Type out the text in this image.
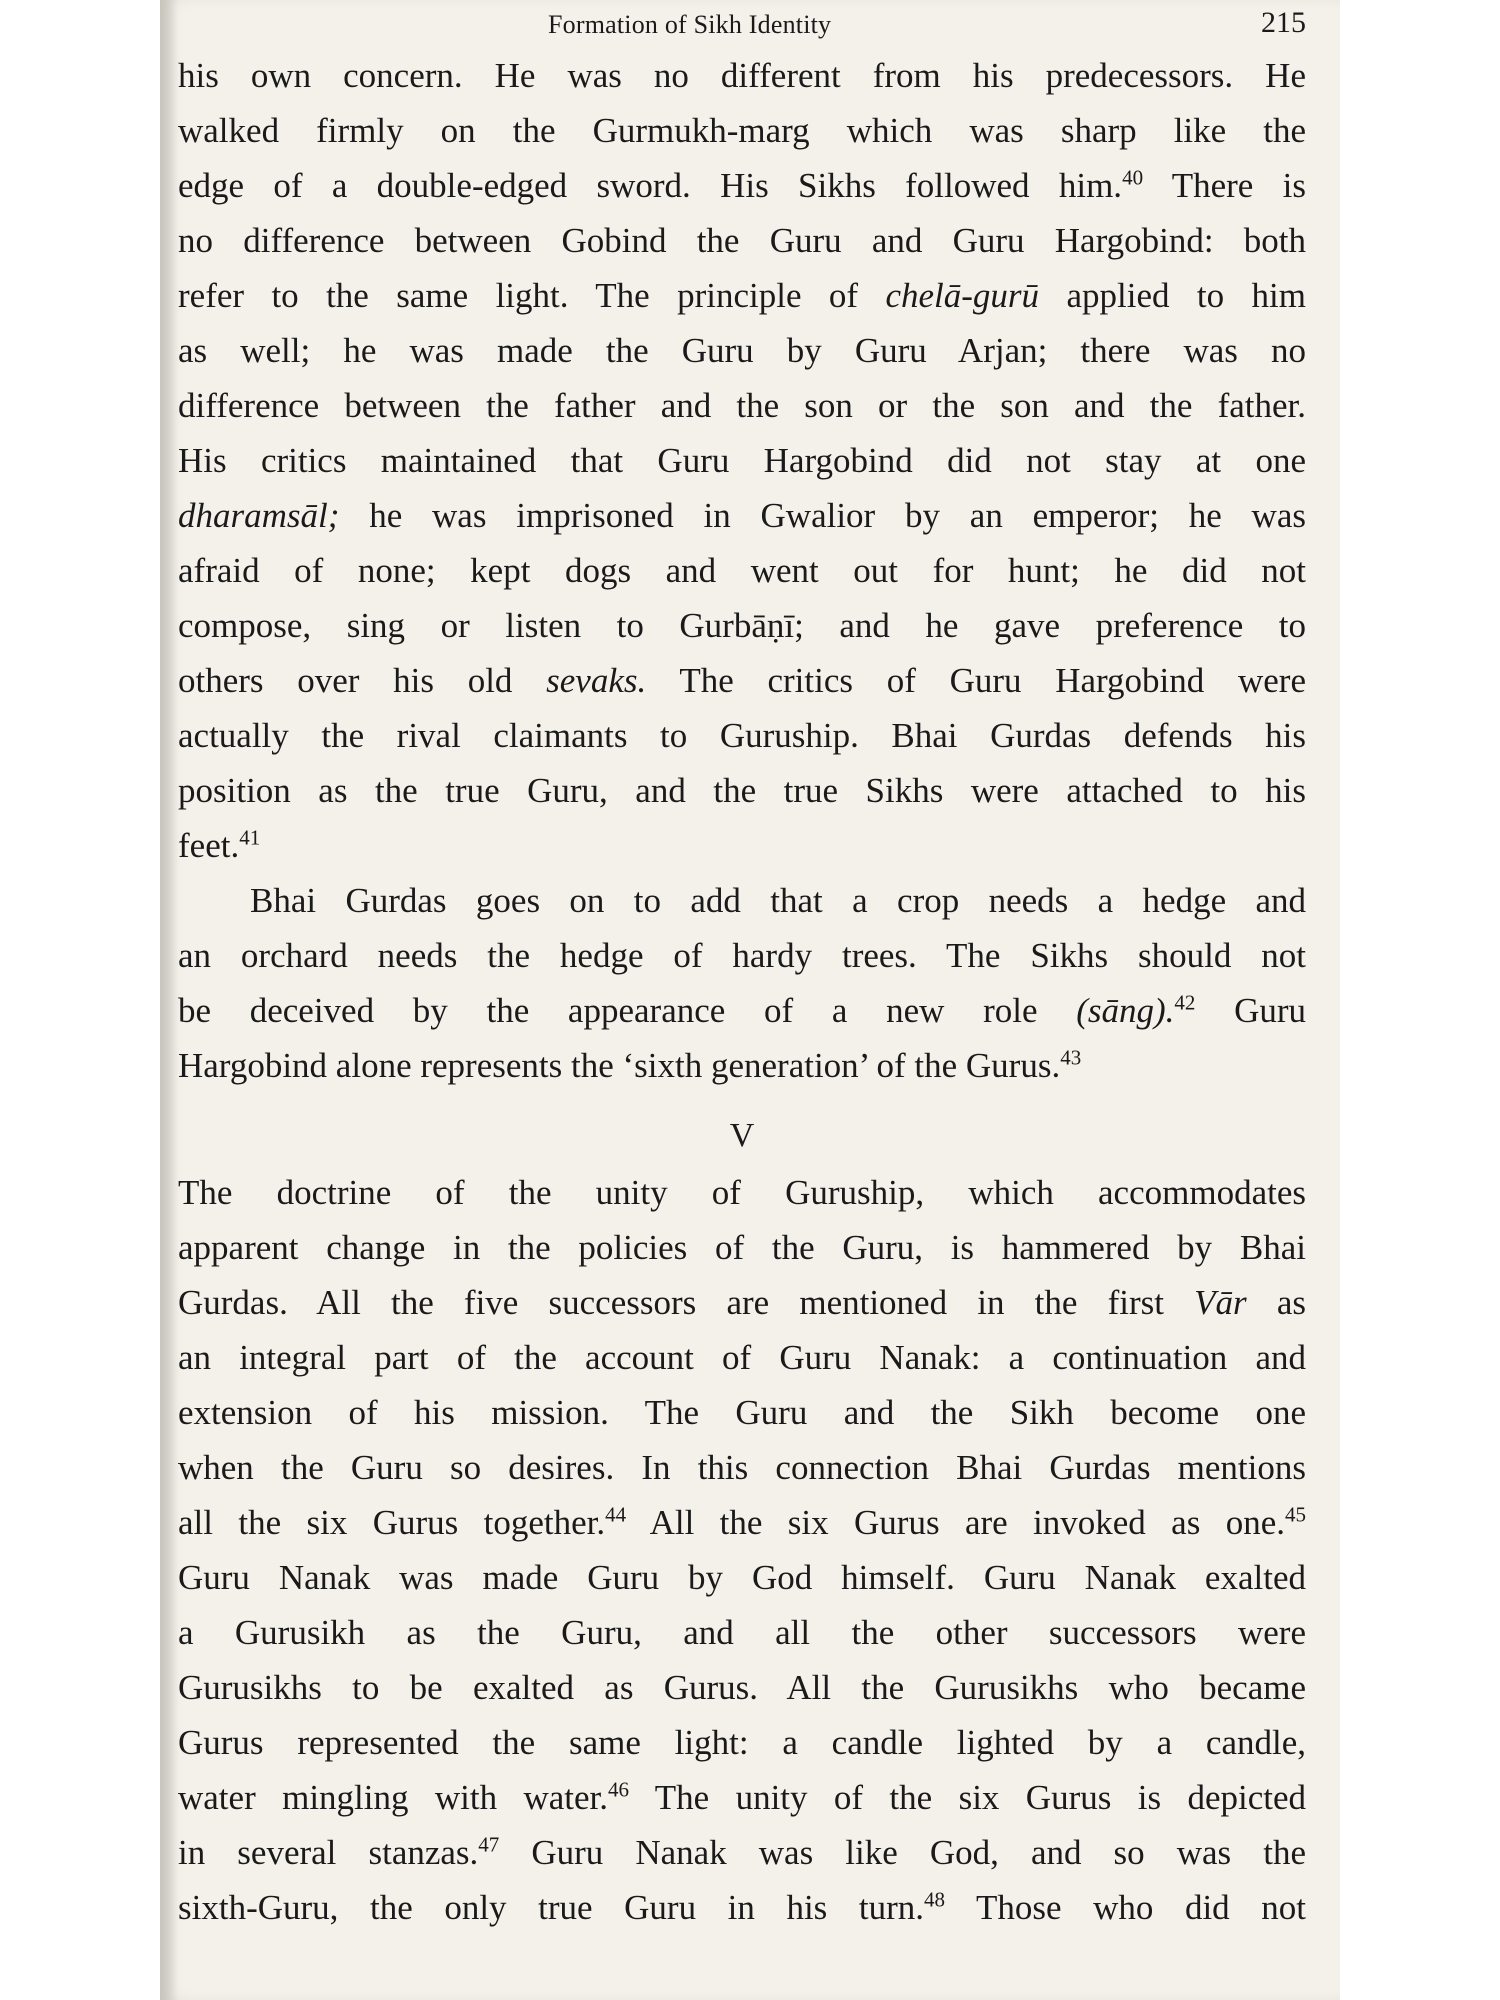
Formation of Sikh Identity	215

his own concern. He was no different from his predecessors. He
walked firmly on the Gurmukh-marg which was sharp like the
edge of a double-edged sword. His Sikhs followed him.$^{40}$ There is
no difference between Gobind the Guru and Guru Hargobind: both
refer to the same light. The principle of chelā-gurū applied to him
as well; he was made the Guru by Guru Arjan; there was no
difference between the father and the son or the son and the father.
His critics maintained that Guru Hargobind did not stay at one
dharamsāl; he was imprisoned in Gwalior by an emperor; he was
afraid of none; kept dogs and went out for hunt; he did not
compose, sing or listen to Gurbāṇī; and he gave preference to
others over his old sevaks. The critics of Guru Hargobind were
actually the rival claimants to Guruship. Bhai Gurdas defends his
position as the true Guru, and the true Sikhs were attached to his
feet.$^{41}$

Bhai Gurdas goes on to add that a crop needs a hedge and
an orchard needs the hedge of hardy trees. The Sikhs should not
be deceived by the appearance of a new role (sāng).$^{42}$ Guru
Hargobind alone represents the ‘sixth generation’ of the Gurus.$^{43}$

V

The doctrine of the unity of Guruship, which accommodates
apparent change in the policies of the Guru, is hammered by Bhai
Gurdas. All the five successors are mentioned in the first Vār as
an integral part of the account of Guru Nanak: a continuation and
extension of his mission. The Guru and the Sikh become one
when the Guru so desires. In this connection Bhai Gurdas mentions
all the six Gurus together.$^{44}$ All the six Gurus are invoked as one.$^{45}$
Guru Nanak was made Guru by God himself. Guru Nanak exalted
a Gurusikh as the Guru, and all the other successors were
Gurusikhs to be exalted as Gurus. All the Gurusikhs who became
Gurus represented the same light: a candle lighted by a candle,
water mingling with water.$^{46}$ The unity of the six Gurus is depicted
in several stanzas.$^{47}$ Guru Nanak was like God, and so was the
sixth-Guru, the only true Guru in his turn.$^{48}$ Those who did not
